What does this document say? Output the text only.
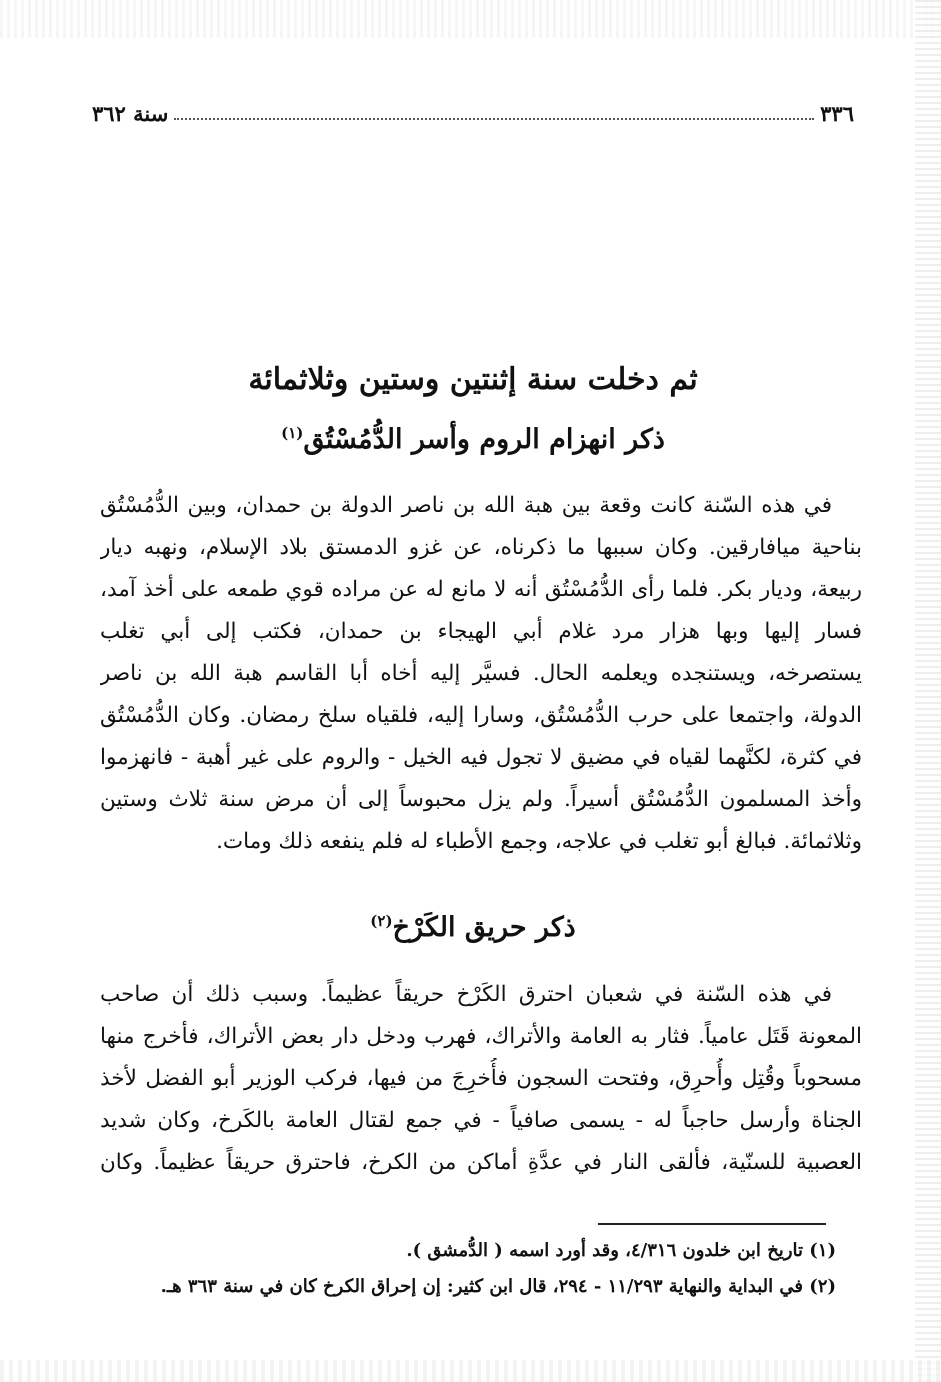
٣٣٦
سنة ٣٦٢
ثم دخلت سنة إثنتين وستين وثلاثمائة
ذكر انهزام الروم وأسر الدُّمُسْتُق$^{(١)}$
في هذه السّنة كانت وقعة بين هبة الله بن ناصر الدولة بن حمدان، وبين الدُّمُسْتُق
بناحية ميافارقين. وكان سببها ما ذكرناه، عن غزو الدمستق بلاد الإسلام، ونهبه ديار
ربيعة، وديار بكر. فلما رأى الدُّمُسْتُق أنه لا مانع له عن مراده قوي طمعه على أخذ آمد،
فسار إليها وبها هزار مرد غلام أبي الهيجاء بن حمدان، فكتب إلى أبي تغلب
يستصرخه، ويستنجده ويعلمه الحال. فسيَّر إليه أخاه أبا القاسم هبة الله بن ناصر
الدولة، واجتمعا على حرب الدُّمُسْتُق، وسارا إليه، فلقياه سلخ رمضان. وكان الدُّمُسْتُق
في كثرة، لكنَّهما لقياه في مضيق لا تجول فيه الخيل - والروم على غير أهبة - فانهزموا
وأخذ المسلمون الدُّمُسْتُق أسيراً. ولم يزل محبوساً إلى أن مرض سنة ثلاث وستين
وثلاثمائة. فبالغ أبو تغلب في علاجه، وجمع الأطباء له فلم ينفعه ذلك ومات.
ذكر حريق الكَرْخ$^{(٢)}$
في هذه السّنة في شعبان احترق الكَرْخ حريقاً عظيماً. وسبب ذلك أن صاحب
المعونة قَتَل عامياً. فثار به العامة والأتراك، فهرب ودخل دار بعض الأتراك، فأخرج منها
مسحوباً وقُتِل وأُحرِق، وفتحت السجون فأُخرِجَ من فيها، فركب الوزير أبو الفضل لأخذ
الجناة وأرسل حاجباً له - يسمى صافياً - في جمع لقتال العامة بالكَرخ، وكان شديد
العصبية للسنّية، فألقى النار في عدَّةِ أماكن من الكرخ، فاحترق حريقاً عظيماً. وكان
(١) تاريخ ابن خلدون ٤/٣١٦، وقد أورد اسمه ( الدُّمشق ).
(٢) في البداية والنهاية ١١/٢٩٣ - ٢٩٤، قال ابن كثير: إن إحراق الكرخ كان في سنة ٣٦٣ هـ.
